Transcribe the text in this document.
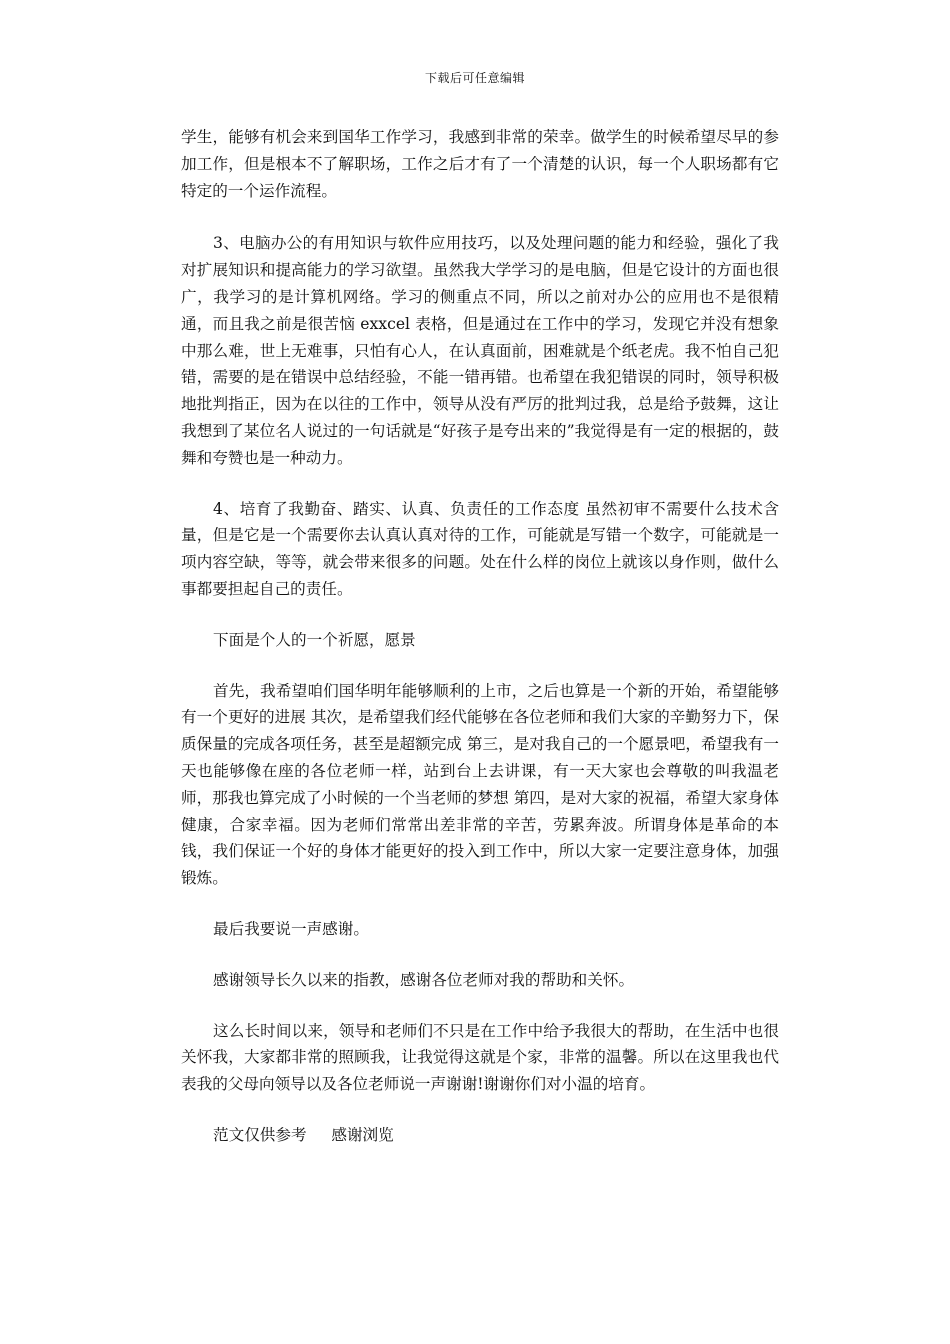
下载后可任意编辑

学生，能够有机会来到国华工作学习，我感到非常的荣幸。做学生的时候希望尽早的参加工作，但是根本不了解职场，工作之后才有了一个清楚的认识，每一个人职场都有它特定的一个运作流程。

3、电脑办公的有用知识与软件应用技巧，以及处理问题的能力和经验，强化了我对扩展知识和提高能力的学习欲望。虽然我大学学习的是电脑，但是它设计的方面也很广，我学习的是计算机网络。学习的侧重点不同，所以之前对办公的应用也不是很精通，而且我之前是很苦恼 exxcel 表格，但是通过在工作中的学习，发现它并没有想象中那么难，世上无难事，只怕有心人，在认真面前，困难就是个纸老虎。我不怕自己犯错，需要的是在错误中总结经验，不能一错再错。也希望在我犯错误的同时，领导积极地批判指正，因为在以往的工作中，领导从没有严厉的批判过我，总是给予鼓舞，这让我想到了某位名人说过的一句话就是“好孩子是夸出来的”我觉得是有一定的根据的，鼓舞和夸赞也是一种动力。

4、培育了我勤奋、踏实、认真、负责任的工作态度 虽然初审不需要什么技术含量，但是它是一个需要你去认真认真对待的工作，可能就是写错一个数字，可能就是一项内容空缺，等等，就会带来很多的问题。处在什么样的岗位上就该以身作则，做什么事都要担起自己的责任。

下面是个人的一个祈愿，愿景

首先，我希望咱们国华明年能够顺利的上市，之后也算是一个新的开始，希望能够有一个更好的进展 其次，是希望我们经代能够在各位老师和我们大家的辛勤努力下，保质保量的完成各项任务，甚至是超额完成 第三，是对我自己的一个愿景吧，希望我有一天也能够像在座的各位老师一样，站到台上去讲课，有一天大家也会尊敬的叫我温老师，那我也算完成了小时候的一个当老师的梦想 第四，是对大家的祝福，希望大家身体健康，合家幸福。因为老师们常常出差非常的辛苦，劳累奔波。所谓身体是革命的本钱，我们保证一个好的身体才能更好的投入到工作中，所以大家一定要注意身体，加强锻炼。

最后我要说一声感谢。

感谢领导长久以来的指教，感谢各位老师对我的帮助和关怀。

这么长时间以来，领导和老师们不只是在工作中给予我很大的帮助，在生活中也很关怀我，大家都非常的照顾我，让我觉得这就是个家，非常的温馨。所以在这里我也代表我的父母向领导以及各位老师说一声谢谢!谢谢你们对小温的培育。

范文仅供参考     感谢浏览
